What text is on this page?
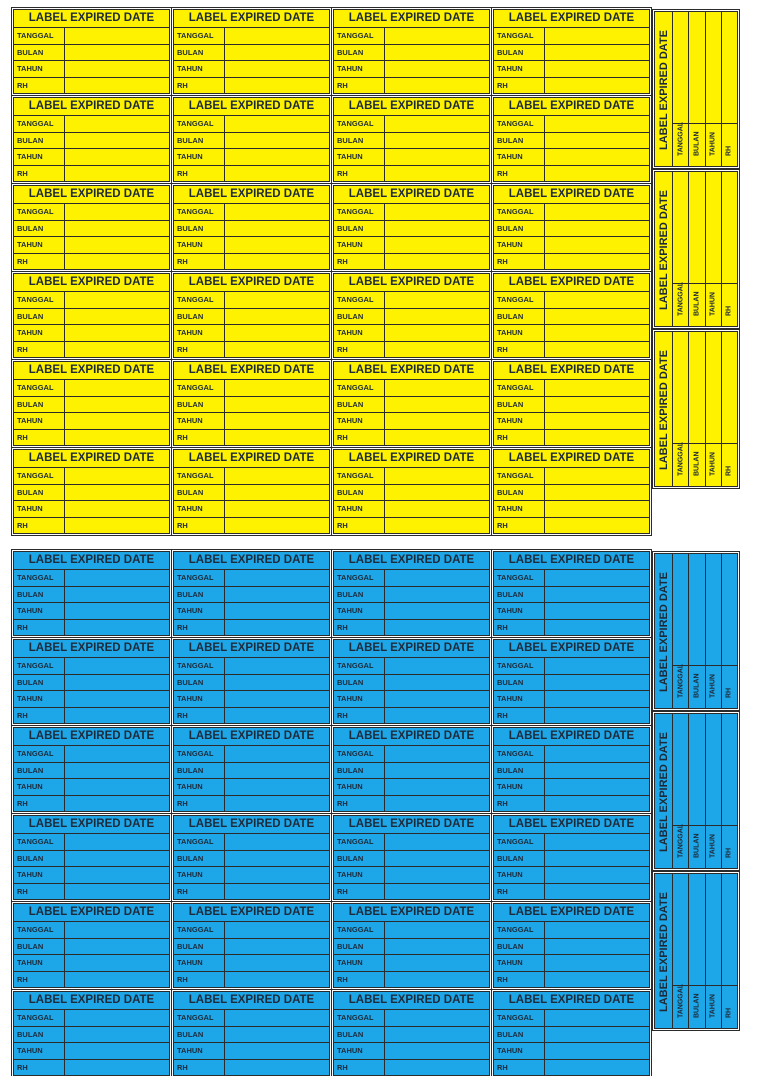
LABEL EXPIRED DATE
TANGGAL
BULAN
TAHUN
RH
LABEL EXPIRED DATE
TANGGAL
BULAN
TAHUN
RH
LABEL EXPIRED DATE
TANGGAL
BULAN
TAHUN
RH
LABEL EXPIRED DATE
TANGGAL
BULAN
TAHUN
RH
LABEL EXPIRED DATE
TANGGAL
BULAN
TAHUN
RH
LABEL EXPIRED DATE
TANGGAL
BULAN
TAHUN
RH
LABEL EXPIRED DATE
TANGGAL
BULAN
TAHUN
RH
LABEL EXPIRED DATE
TANGGAL
BULAN
TAHUN
RH
LABEL EXPIRED DATE
TANGGAL
BULAN
TAHUN
RH
LABEL EXPIRED DATE
TANGGAL
BULAN
TAHUN
RH
LABEL EXPIRED DATE
TANGGAL
BULAN
TAHUN
RH
LABEL EXPIRED DATE
TANGGAL
BULAN
TAHUN
RH
LABEL EXPIRED DATE
TANGGAL
BULAN
TAHUN
RH
LABEL EXPIRED DATE
TANGGAL
BULAN
TAHUN
RH
LABEL EXPIRED DATE
TANGGAL
BULAN
TAHUN
RH
LABEL EXPIRED DATE
TANGGAL
BULAN
TAHUN
RH
LABEL EXPIRED DATE
TANGGAL
BULAN
TAHUN
RH
LABEL EXPIRED DATE
TANGGAL
BULAN
TAHUN
RH
LABEL EXPIRED DATE
TANGGAL
BULAN
TAHUN
RH
LABEL EXPIRED DATE
TANGGAL
BULAN
TAHUN
RH
LABEL EXPIRED DATE
TANGGAL
BULAN
TAHUN
RH
LABEL EXPIRED DATE
TANGGAL
BULAN
TAHUN
RH
LABEL EXPIRED DATE
TANGGAL
BULAN
TAHUN
RH
LABEL EXPIRED DATE
TANGGAL
BULAN
TAHUN
RH
LABEL EXPIRED DATE TANGGAL BULAN TAHUN RH
LABEL EXPIRED DATE TANGGAL BULAN TAHUN RH
LABEL EXPIRED DATE TANGGAL BULAN TAHUN RH
LABEL EXPIRED DATE
TANGGAL
BULAN
TAHUN
RH
LABEL EXPIRED DATE
TANGGAL
BULAN
TAHUN
RH
LABEL EXPIRED DATE
TANGGAL
BULAN
TAHUN
RH
LABEL EXPIRED DATE
TANGGAL
BULAN
TAHUN
RH
LABEL EXPIRED DATE
TANGGAL
BULAN
TAHUN
RH
LABEL EXPIRED DATE
TANGGAL
BULAN
TAHUN
RH
LABEL EXPIRED DATE
TANGGAL
BULAN
TAHUN
RH
LABEL EXPIRED DATE
TANGGAL
BULAN
TAHUN
RH
LABEL EXPIRED DATE
TANGGAL
BULAN
TAHUN
RH
LABEL EXPIRED DATE
TANGGAL
BULAN
TAHUN
RH
LABEL EXPIRED DATE
TANGGAL
BULAN
TAHUN
RH
LABEL EXPIRED DATE
TANGGAL
BULAN
TAHUN
RH
LABEL EXPIRED DATE
TANGGAL
BULAN
TAHUN
RH
LABEL EXPIRED DATE
TANGGAL
BULAN
TAHUN
RH
LABEL EXPIRED DATE
TANGGAL
BULAN
TAHUN
RH
LABEL EXPIRED DATE
TANGGAL
BULAN
TAHUN
RH
LABEL EXPIRED DATE
TANGGAL
BULAN
TAHUN
RH
LABEL EXPIRED DATE
TANGGAL
BULAN
TAHUN
RH
LABEL EXPIRED DATE
TANGGAL
BULAN
TAHUN
RH
LABEL EXPIRED DATE
TANGGAL
BULAN
TAHUN
RH
LABEL EXPIRED DATE
TANGGAL
BULAN
TAHUN
RH
LABEL EXPIRED DATE
TANGGAL
BULAN
TAHUN
RH
LABEL EXPIRED DATE
TANGGAL
BULAN
TAHUN
RH
LABEL EXPIRED DATE
TANGGAL
BULAN
TAHUN
RH
LABEL EXPIRED DATE TANGGAL BULAN TAHUN RH
LABEL EXPIRED DATE TANGGAL BULAN TAHUN RH
LABEL EXPIRED DATE TANGGAL BULAN TAHUN RH
